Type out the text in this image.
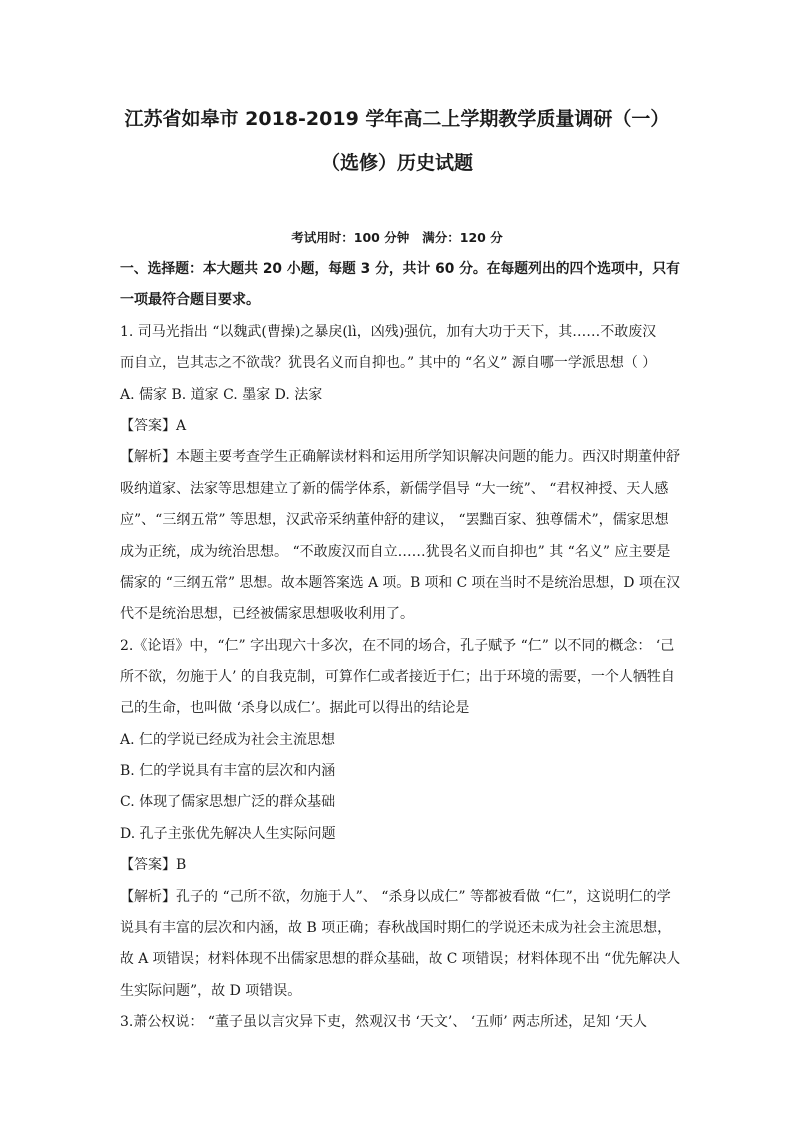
江苏省如皋市 2018-2019 学年高二上学期教学质量调研（一）
（选修）历史试题
考试用时：100 分钟   满分：120 分
一、选择题：本大题共 20 小题，每题 3 分，共计 60 分。在每题列出的四个选项中，只有
一项最符合题目要求。
1. 司马光指出 “以魏武(曹操)之暴戾(lì，凶残)强伉，加有大功于天下，其……不敢废汉
而自立，岂其志之不欲哉？犹畏名义而自抑也。” 其中的 “名义” 源自哪一学派思想（ ）
A. 儒家 B. 道家 C. 墨家 D. 法家
【答案】A
【解析】本题主要考查学生正确解读材料和运用所学知识解决问题的能力。西汉时期董仲舒
吸纳道家、法家等思想建立了新的儒学体系，新儒学倡导 “大一统”、 “君权神授、天人感
应”、“三纲五常” 等思想，汉武帝采纳董仲舒的建议， “罢黜百家、独尊儒术”，儒家思想
成为正统，成为统治思想。 “不敢废汉而自立……犹畏名义而自抑也” 其 “名义” 应主要是
儒家的 “三纲五常” 思想。故本题答案选 A 项。B 项和 C 项在当时不是统治思想，D 项在汉
代不是统治思想，已经被儒家思想吸收利用了。
2.《论语》中，“仁” 字出现六十多次，在不同的场合，孔子赋予 “仁” 以不同的概念： ‘己
所不欲，勿施于人’ 的自我克制，可算作仁或者接近于仁；出于环境的需要，一个人牺牲自
己的生命，也叫做 ‘杀身以成仁’。据此可以得出的结论是
A. 仁的学说已经成为社会主流思想
B. 仁的学说具有丰富的层次和内涵
C. 体现了儒家思想广泛的群众基础
D. 孔子主张优先解决人生实际问题
【答案】B
【解析】孔子的 “己所不欲，勿施于人”、 “杀身以成仁” 等都被看做 “仁”，这说明仁的学
说具有丰富的层次和内涵，故 B 项正确；春秋战国时期仁的学说还未成为社会主流思想，
故 A 项错误；材料体现不出儒家思想的群众基础，故 C 项错误；材料体现不出 “优先解决人
生实际问题”，故 D 项错误。
3.萧公权说： “董子虽以言灾异下吏，然观汉书 ‘天文’、 ‘五师’ 两志所述，足知 ‘天人
